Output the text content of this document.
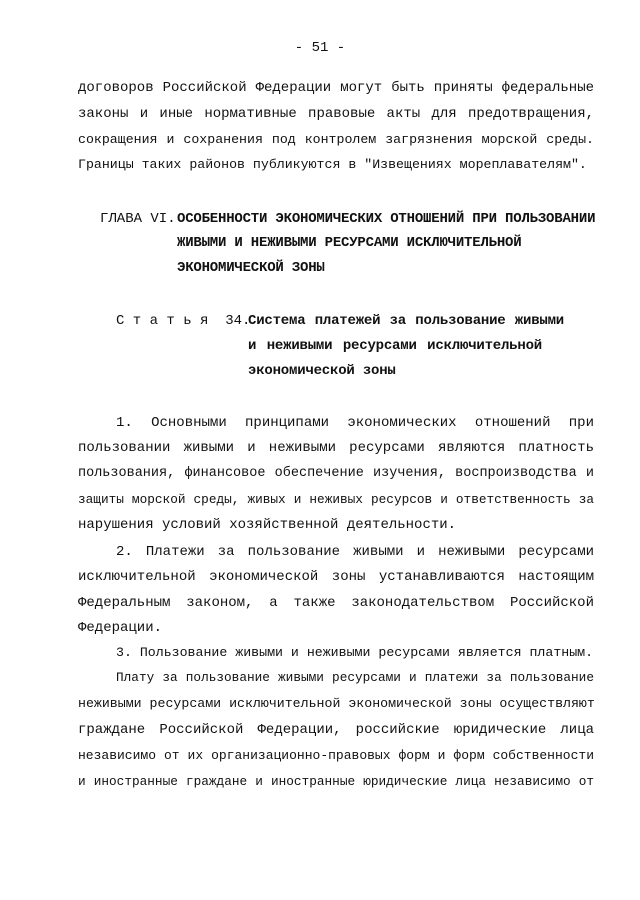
- 51 -
договоров Российской Федерации могут быть приняты федеральные
законы и иные нормативные правовые акты для предотвращения,
сокращения и сохранения под контролем загрязнения морской среды.
Границы таких районов публикуются в "Извещениях мореплавателям".
ГЛАВА VI. ОСОБЕННОСТИ ЭКОНОМИЧЕСКИХ ОТНОШЕНИЙ ПРИ ПОЛЬЗОВАНИИ
ЖИВЫМИ И НЕЖИВЫМИ РЕСУРСАМИ ИСКЛЮЧИТЕЛЬНОЙ
ЭКОНОМИЧЕСКОЙ ЗОНЫ
С т а т ь я  34.
Система платежей за пользование живыми
и неживыми ресурсами исключительной
экономической зоны
1. Основными принципами экономических отношений при
пользовании живыми и неживыми ресурсами являются платность
пользования, финансовое обеспечение изучения, воспроизводства и
защиты морской среды, живых и неживых ресурсов и ответственность за
нарушения условий хозяйственной деятельности.
2. Платежи за пользование живыми и неживыми ресурсами
исключительной экономической зоны устанавливаются настоящим
Федеральным законом, а также законодательством Российской
Федерации.
3. Пользование живыми и неживыми ресурсами является платным.
Плату за пользование живыми ресурсами и платежи за пользование
неживыми ресурсами исключительной экономической зоны осуществляют
граждане Российской Федерации, российские юридические лица
независимо от их организационно-правовых форм и форм собственности
и иностранные граждане и иностранные юридические лица независимо от
